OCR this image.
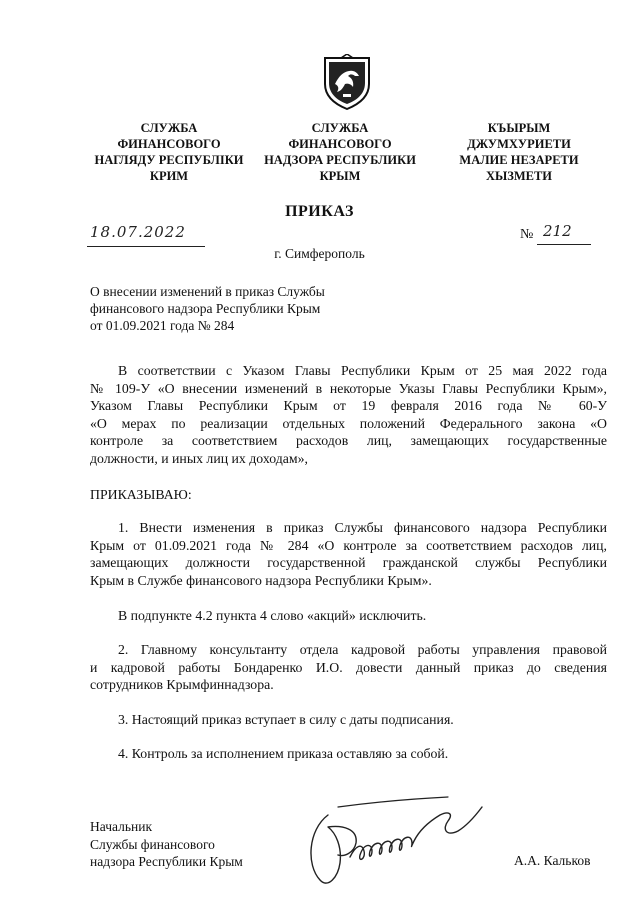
СЛУЖБА
ФИНАНСОВОГО
НАГЛЯДУ РЕСПУБЛІКИ
КРИМ
СЛУЖБА
ФИНАНСОВОГО
НАДЗОРА РЕСПУБЛИКИ
КРЫМ
КЪЫРЫМ
ДЖУМХУРИЕТИ
МАЛИЕ НЕЗАРЕТИ
ХЫЗМЕТИ
ПРИКАЗ
18.07.2022	№ 212
г. Симферополь
О внесении изменений в приказ Службы
финансового надзора Республики Крым
от 01.09.2021 года № 284
В соответствии с Указом Главы Республики Крым от 25 мая 2022 года
№ 109-У «О внесении изменений в некоторые Указы Главы Республики Крым»,
Указом Главы Республики Крым от 19 февраля 2016 года № 60-У
«О мерах по реализации отдельных положений Федерального закона «О
контроле за соответствием расходов лиц, замещающих государственные
должности, и иных лиц их доходам»,
ПРИКАЗЫВАЮ:
1. Внести изменения в приказ Службы финансового надзора Республики
Крым от 01.09.2021 года № 284 «О контроле за соответствием расходов лиц,
замещающих должности государственной гражданской службы Республики
Крым в Службе финансового надзора Республики Крым».
В подпункте 4.2 пункта 4 слово «акций» исключить.
2. Главному консультанту отдела кадровой работы управления правовой
и кадровой работы Бондаренко И.О. довести данный приказ до сведения
сотрудников Крымфиннадзора.
3. Настоящий приказ вступает в силу с даты подписания.
4. Контроль за исполнением приказа оставляю за собой.
Начальник
Службы финансового
надзора Республики Крым	А.А. Кальков
